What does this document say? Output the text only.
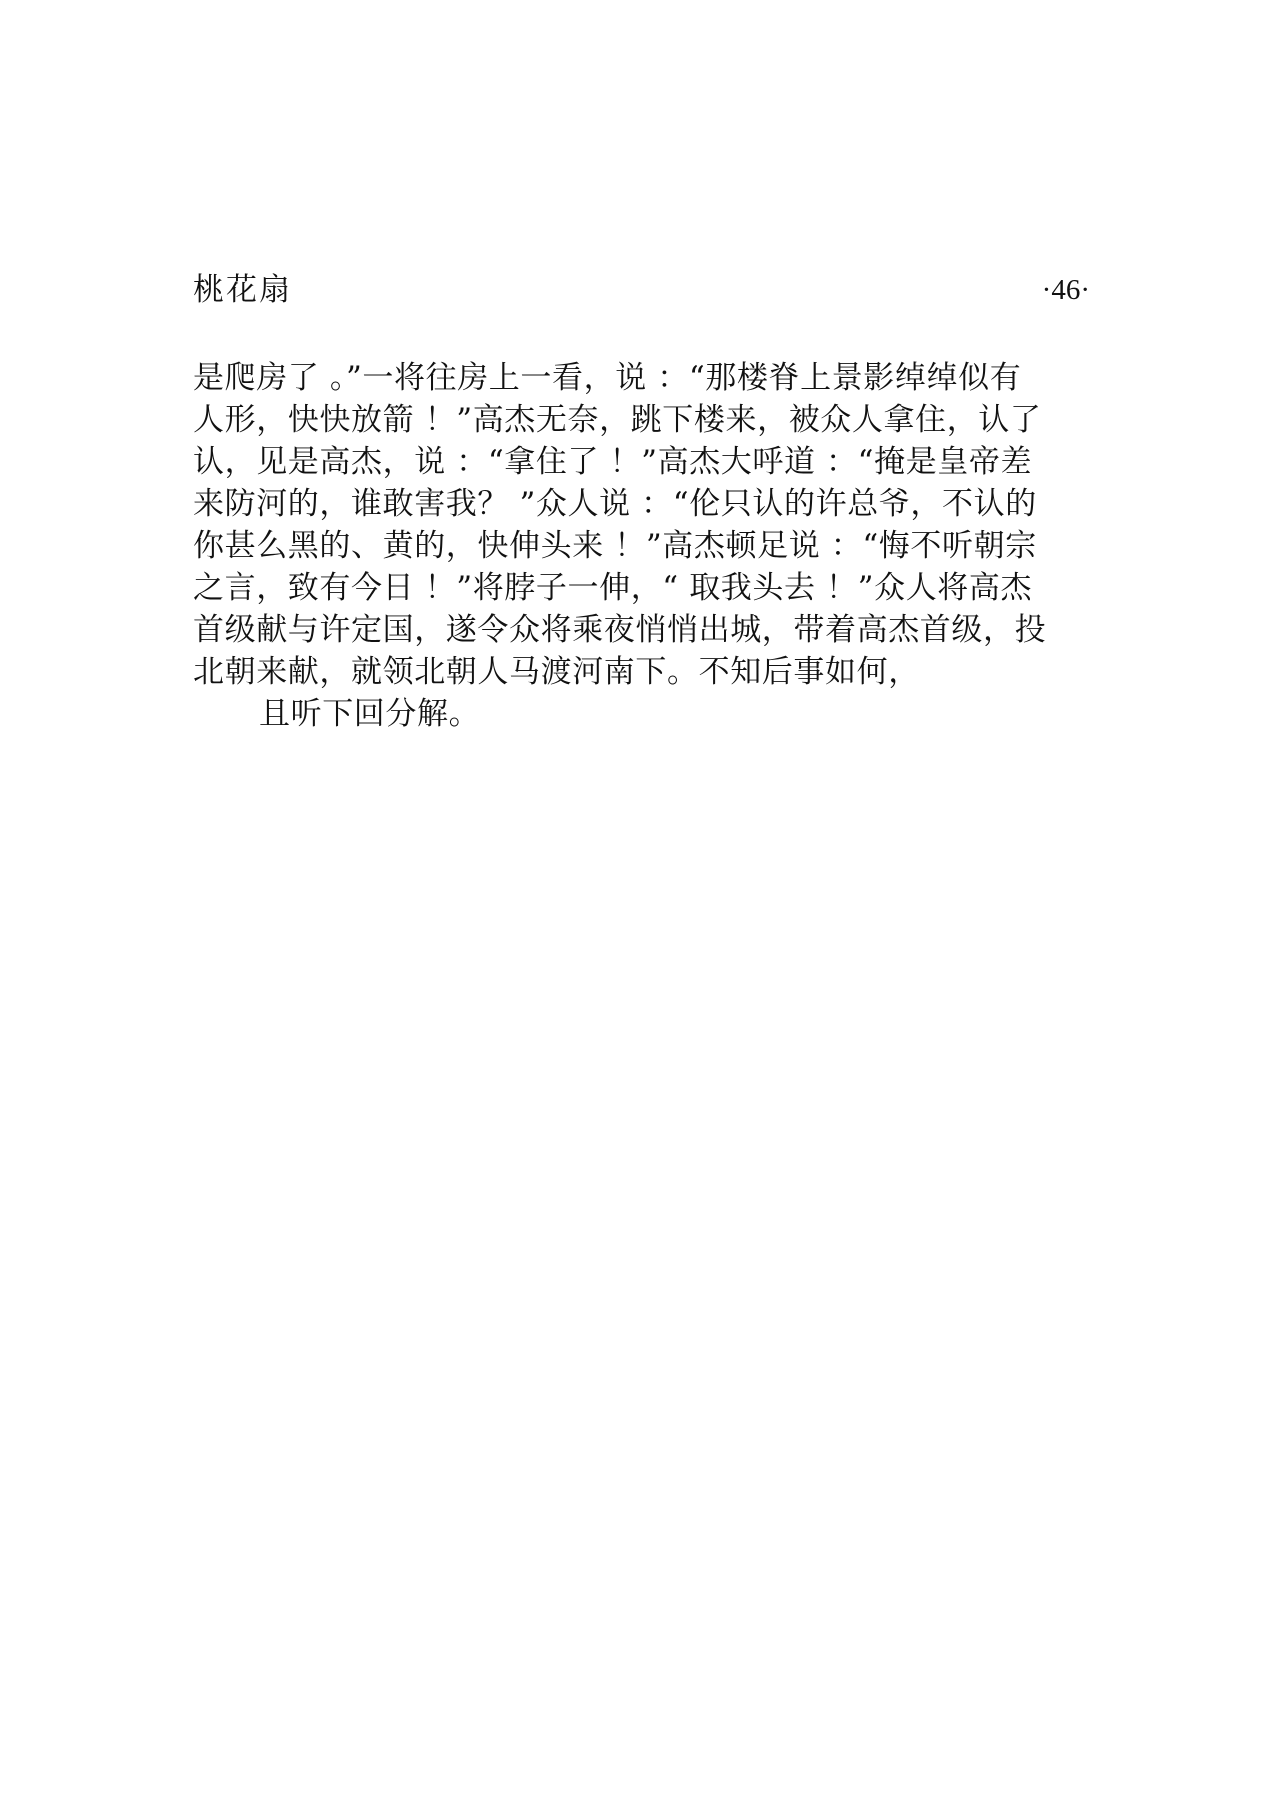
桃花扇	·46·
是爬房了 。”一将往房上一看，说 ：“那楼脊上景影绰绰似有
人形，快快放箭 ！”高杰无奈，跳下楼来，被众人拿住，认了
认，见是高杰，说 ：“拿住了 ！”高杰大呼道 ：“掩是皇帝差
来防河的，谁敢害我？ ”众人说 ：“伦只认的许总爷，不认的
你甚么黑的、黄的，快伸头来 ！”高杰顿足说 ：“悔不听朝宗
之言，致有今日 ！”将脖子一伸，“ 取我头去 ！”众人将高杰
首级献与许定国，遂令众将乘夜悄悄出城，带着高杰首级，投
北朝来献，就领北朝人马渡河南下。不知后事如何，
且听下回分解。
